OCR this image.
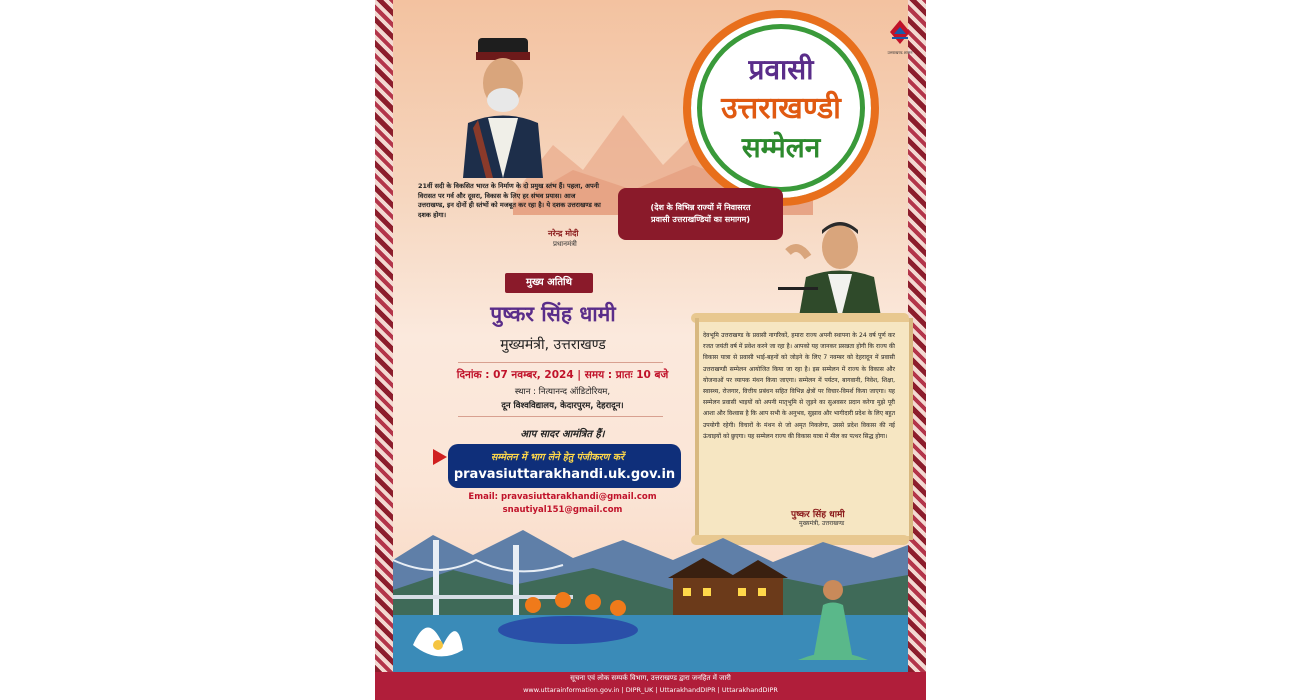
प्रवासी
उत्तराखण्डी
सम्मेलन
उत्तराखण्ड शासन
21वीं सदी के विकसित भारत के निर्माण के दो प्रमुख स्तंभ हैं। पहला, अपनी विरासत पर गर्व और दूसरा, विकास के लिए हर संभव प्रयास। आज उत्तराखण्ड, इन दोनों ही स्तंभों को मजबूत कर रहा है। ये दशक उत्तराखण्ड का दशक होगा।
नरेन्द्र मोदी
प्रधानमंत्री
(देश के विभिन्न राज्यों में निवासरत
प्रवासी उत्तराखण्डियों का समागम)
मुख्य अतिथि
पुष्कर सिंह धामी
मुख्यमंत्री, उत्तराखण्ड
दिनांक : 07 नवम्बर, 2024 | समय : प्रातः 10 बजे
स्थान : नित्यानन्द ऑडिटोरियम,
दून विश्वविद्यालय, केदारपुरम, देहरादून।
आप सादर आमंत्रित हैं।
सम्मेलन में भाग लेने हेतु पंजीकरण करें
pravasiuttarakhandi.uk.gov.in
Email: pravasiuttarakhandi@gmail.com
snautiyal151@gmail.com
देवभूमि उत्तराखण्ड के प्रवासी नागरिकों, हमारा राज्य अपनी स्थापना के 24 वर्ष पूर्ण कर रजत जयंती वर्ष में प्रवेश करने जा रहा है। आपको यह जानकर प्रसन्नता होगी कि राज्य की विकास यात्रा से प्रवासी भाई-बहनों को जोड़ने के लिए 7 नवम्बर को देहरादून में प्रवासी उत्तराखण्डी सम्मेलन आयोजित किया जा रहा है। इस सम्मेलन में राज्य के विकास और योजनाओं पर व्यापक मंथन किया जाएगा। सम्मेलन में पर्यटन, बागवानी, निवेश, शिक्षा, स्वास्थ्य, रोजगार, वित्तीय प्रबंधन सहित विभिन्न क्षेत्रों पर विचार-विमर्श किया जाएगा। यह सम्मेलन प्रवासी भाइयों को अपनी मातृभूमि से जुड़ने का सुअवसर प्रदान करेगा मुझे पूरी आशा और विश्वास है कि आप सभी के अनुभव, सुझाव और भागीदारी प्रदेश के लिए बहुत उपयोगी रहेगी। विचारों के मंथन से जो अमृत निकलेगा, उससे प्रदेश विकास की नई ऊंचाइयों को छुएगा। यह सम्मेलन राज्य की विकास यात्रा में मील का पत्थर सिद्ध होगा।
पुष्कर सिंह धामी
मुख्यमंत्री, उत्तराखण्ड
सूचना एवं लोक सम्पर्क विभाग, उत्तराखण्ड द्वारा जनहित में जारी
www.uttarainformation.gov.in | DIPR_UK | UttarakhandDIPR | UttarakhandDIPR
